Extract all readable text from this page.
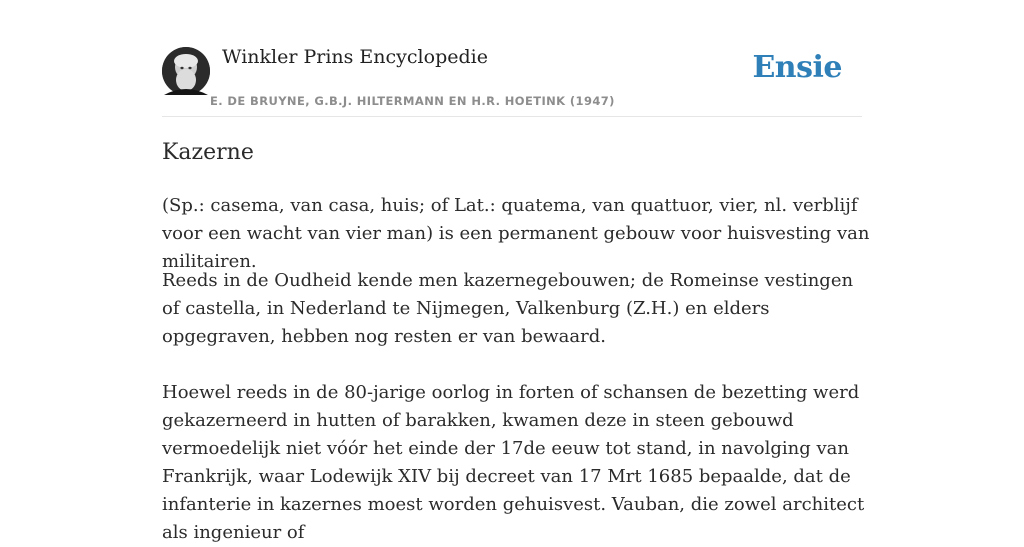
Winkler Prins Encyclopedie
E. DE BRUYNE, G.B.J. HILTERMANN EN H.R. HOETINK (1947)
Ensie
Kazerne

(Sp.: casema, van casa, huis; of Lat.: quatema, van quattuor, vier, nl. verblijf voor een wacht van vier man) is een permanent gebouw voor huisvesting van militairen.

Reeds in de Oudheid kende men kazernegebouwen; de Romeinse vestingen of castella, in Nederland te Nijmegen, Valkenburg (Z.H.) en elders opgegraven, hebben nog resten er van bewaard.

Hoewel reeds in de 80-jarige oorlog in forten of schansen de bezetting werd gekazerneerd in hutten of barakken, kwamen deze in steen gebouwd vermoedelijk niet vóór het einde der 17de eeuw tot stand, in navolging van Frankrijk, waar Lodewijk XIV bij decreet van 17 Mrt 1685 bepaalde, dat de infanterie in kazernes moest worden gehuisvest. Vauban, die zowel architect als ingenieur of
